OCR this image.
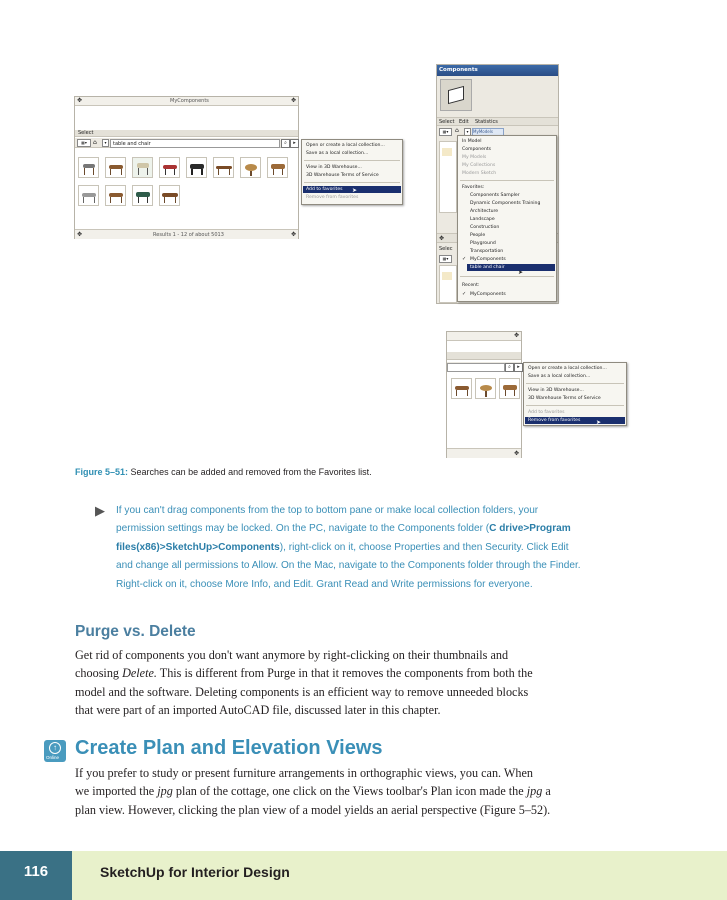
✥	MyComponents	✥
Select
▦▾	⌂	▾	table and chair	⌕	▸
✥	Results 1 - 12 of about 5013	✥
Open or create a local collection...
Save as a local collection...
View in 3D Warehouse...
3D Warehouse Terms of Service
Add to favorites	➤
Remove from favorites
Components
Select Edit Statistics
▦▾	⌂	▾	MyModels
✥
Selec
▦▾
In Model
Components
My Models
My Collections
Modern Sketch
Favorites:
Components Sampler
Dynamic Components Training
Architecture
Landscape
Construction
People
Playground
Transportation
✓ MyComponents
table and chair
➤
Recent:
✓ MyComponents
✥
⌕	▸
✥
Open or create a local collection...
Save as a local collection...
View in 3D Warehouse...
3D Warehouse Terms of Service
Add to favorites
Remove from favorites	➤
Figure 5–51: Searches can be added and removed from the Favorites list.
▶ If you can't drag components from the top to bottom pane or make local collection folders, your
permission settings may be locked. On the PC, navigate to the Components folder (C drive>Program
files(x86)>SketchUp>Components), right-click on it, choose Properties and then Security. Click Edit
and change all permissions to Allow. On the Mac, navigate to the Components folder through the Finder.
Right-click on it, choose More Info, and Edit. Grant Read and Write permissions for everyone.
Purge vs. Delete
Get rid of components you don't want anymore by right-clicking on their thumbnails and
choosing Delete. This is different from Purge in that it removes the components from both the
model and the software. Deleting components is an efficient way to remove unneeded blocks
that were part of an imported AutoCAD file, discussed later in this chapter.
↑
Online Create Plan and Elevation Views
If you prefer to study or present furniture arrangements in orthographic views, you can. When
we imported the jpg plan of the cottage, one click on the Views toolbar's Plan icon made the jpg a
plan view. However, clicking the plan view of a model yields an aerial perspective (Figure 5–52).
116	SketchUp for Interior Design
